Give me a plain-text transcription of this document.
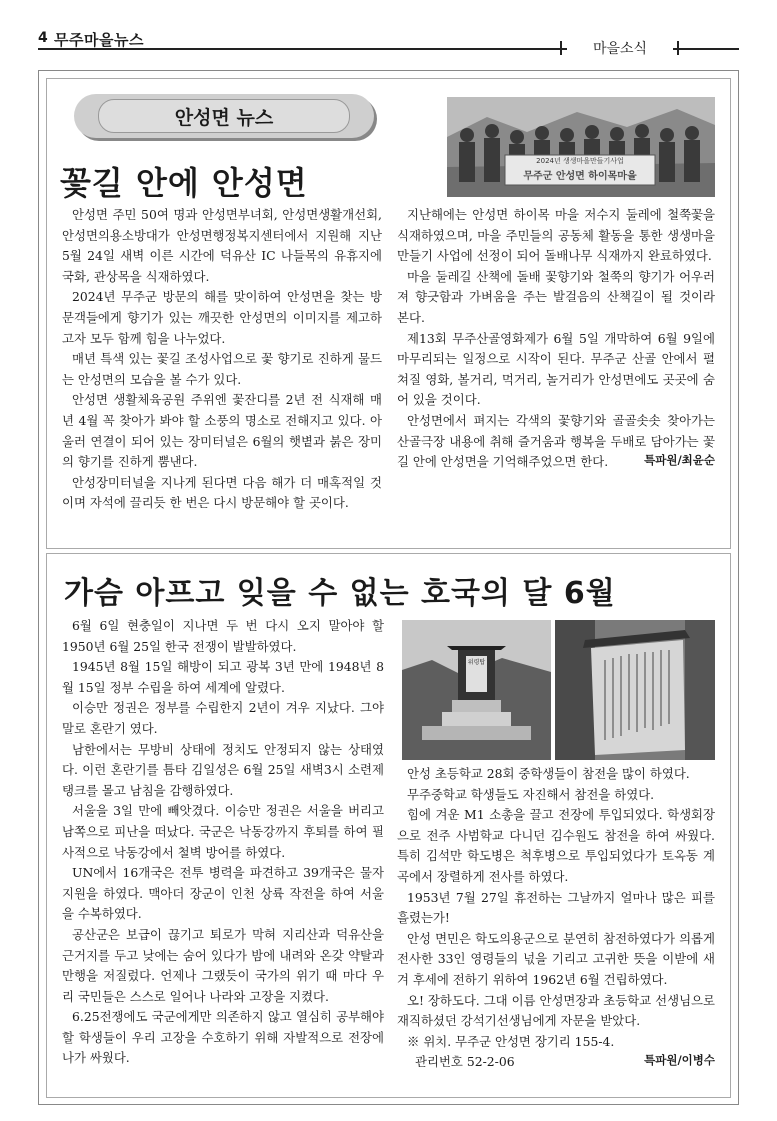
4 무주마을뉴스	마을소식
안성면 뉴스
꽃길 안에 안성면
2024년 생생마을만들기사업
무주군 안성면 하이목마을

안성면 주민 50여 명과 안성면부녀회, 안성면생활개선회, 안성면의용소방대가 안성면행정복지센터에서 지원해 지난 5월 24일 새벽 이른 시간에 덕유산 IC 나들목의 유휴지에 국화, 관상목을 식재하였다.

2024년 무주군 방문의 해를 맞이하여 안성면을 찾는 방문객들에게 향기가 있는 깨끗한 안성면의 이미지를 제고하고자 모두 함께 힘을 나누었다.

매년 특색 있는 꽃길 조성사업으로 꽃 향기로 진하게 물드는 안성면의 모습을 볼 수가 있다.

안성면 생활체육공원 주위엔 꽃잔디를 2년 전 식재해 매년 4월 꼭 찾아가 봐야 할 소풍의 명소로 전해지고 있다. 아울러 연결이 되어 있는 장미터널은 6월의 햇볕과 붉은 장미의 향기를 진하게 뿜낸다.

안성장미터널을 지나게 된다면 다음 해가 더 매혹적일 것이며 자석에 끌리듯 한 번은 다시 방문해야 할 곳이다.

지난해에는 안성면 하이목 마을 저수지 둘레에 철쭉꽃을 식재하였으며, 마을 주민들의 공동체 활동을 통한 생생마을만들기 사업에 선정이 되어 돌배나무 식재까지 완료하였다.

마을 둘레길 산책에 돌배 꽃향기와 철쭉의 향기가 어우러져 향긋함과 가벼움을 주는 발걸음의 산책길이 될 것이라 본다.

제13회 무주산골영화제가 6월 5일 개막하여 6월 9일에 마무리되는 일정으로 시작이 된다. 무주군 산골 안에서 펼쳐질 영화, 볼거리, 먹거리, 놀거리가 안성면에도 곳곳에 숨어 있을 것이다.

안성면에서 펴지는 각색의 꽃향기와 골골솟솟 찾아가는 산골극장 내용에 취해 즐거움과 행복을 두배로 담아가는 꽃길 안에 안성면을 기억해주었으면 한다.	특파원/최윤순

가슴 아프고 잊을 수 없는 호국의 달 6월
위령탑

6월 6일 현충일이 지나면 두 번 다시 오지 말아야 할 1950년 6월 25일 한국 전쟁이 발발하였다.

1945년 8월 15일 해방이 되고 광복 3년 만에 1948년 8월 15일 정부 수립을 하여 세계에 알렸다.

이승만 정권은 정부를 수립한지 2년이 겨우 지났다. 그야말로 혼란기 였다.

남한에서는 무방비 상태에 정치도 안정되지 않는 상태였다. 이런 혼란기를 틈타 김일성은 6월 25일 새벽3시 소련제 탱크를 몰고 남침을 감행하였다.

서울을 3일 만에 빼앗겼다. 이승만 정권은 서울을 버리고 남쪽으로 피난을 떠났다. 국군은 낙동강까지 후퇴를 하여 필사적으로 낙동강에서 철벽 방어를 하였다.

UN에서 16개국은 전투 병력을 파견하고 39개국은 물자 지원을 하였다. 맥아더 장군이 인천 상륙 작전을 하여 서울을 수복하였다.

공산군은 보급이 끊기고 퇴로가 막혀 지리산과 덕유산을 근거지를 두고 낮에는 숨어 있다가 밤에 내려와 온갖 약탈과 만행을 저질렀다. 언제나 그랬듯이 국가의 위기 때 마다 우리 국민들은 스스로 일어나 나라와 고장을 지켰다.

6.25전쟁에도 국군에게만 의존하지 않고 열심히 공부해야 할 학생들이 우리 고장을 수호하기 위해 자발적으로 전장에 나가 싸웠다.

안성 초등학교 28회 중학생들이 참전을 많이 하였다.

무주중학교 학생들도 자진해서 참전을 하였다.

힘에 겨운 M1 소총을 끌고 전장에 투입되었다. 학생회장으로 전주 사범학교 다니던 김수원도 참전을 하여 싸웠다. 특히 김석만 학도병은 척후병으로 투입되었다가 토옥동 계곡에서 장렬하게 전사를 하였다.

1953년 7월 27일 휴전하는 그날까지 얼마나 많은 피를 흘렸는가!

안성 면민은 학도의용군으로 분연히 참전하였다가 의롭게 전사한 33인 영령들의 넋을 기리고 고귀한 뜻을 이받에 새겨 후세에 전하기 위하여 1962년 6월 건립하였다.

오! 장하도다. 그대 이름 안성면장과 초등학교 선생님으로 재직하셨던 강석기선생님에게 자문을 받았다.

※ 위치. 무주군 안성면 장기리 155-4.

관리번호 52-2-06	특파원/이병수
